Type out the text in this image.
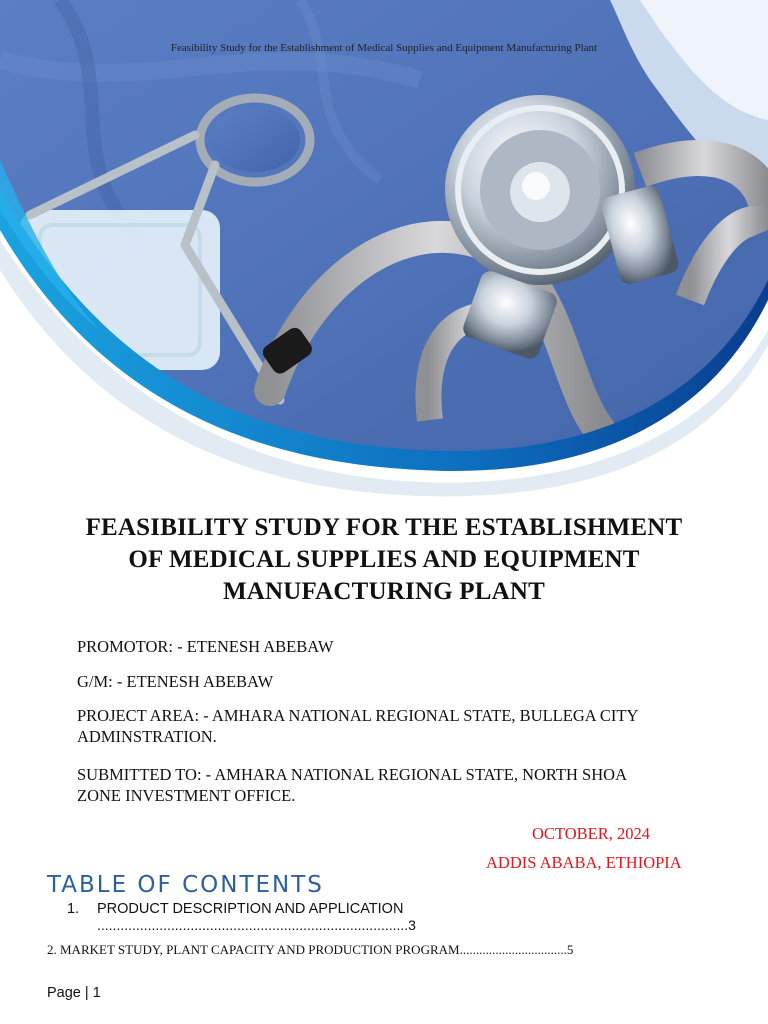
Feasibility Study for the Establishment of Medical Supplies and Equipment Manufacturing Plant
FEASIBILITY STUDY FOR THE ESTABLISHMENT
OF MEDICAL SUPPLIES AND EQUIPMENT
MANUFACTURING PLANT
PROMOTOR: - ETENESH ABEBAW
G/M: - ETENESH ABEBAW
PROJECT AREA: - AMHARA NATIONAL REGIONAL STATE, BULLEGA CITY
ADMINSTRATION.
SUBMITTED TO: - AMHARA NATIONAL REGIONAL STATE, NORTH SHOA
ZONE INVESTMENT OFFICE.
OCTOBER, 2024
ADDIS ABABA, ETHIOPIA
TABLE OF CONTENTS
1. PRODUCT DESCRIPTION AND APPLICATION
................................................................................3
2. MARKET STUDY, PLANT CAPACITY AND PRODUCTION PROGRAM.................................5
Page | 1
